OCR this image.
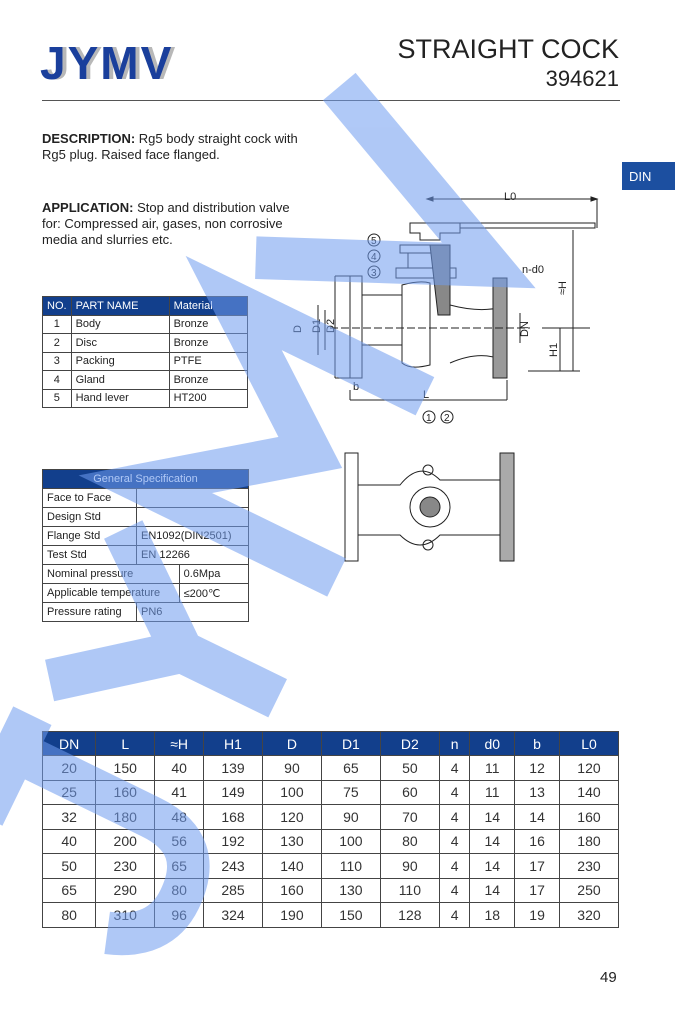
JYMV	STRAIGHT COCK
394621
DIN
DESCRIPTION: Rg5 body straight cock with Rg5 plug. Raised face flanged.
APPLICATION: Stop and distribution valve for: Compressed air, gases, non corrosive media and slurries etc.
NO.	PART NAME	Material
1	Body	Bronze
2	Disc	Bronze
3	Packing	PTFE
4	Gland	Bronze
5	Hand lever	HT200
General Specification		
Face to Face		
Design Std		
Flange Std	EN1092(DIN2501)	
Test Std	EN 12266	
Nominal pressure		0.6Mpa
Applicable temperature		≤200℃
Pressure rating	PN6	
L0
n-d0
≈H
D D1 D2	DN
H1
b
L
5
4
3
1 2
DN	L	≈H	H1	D	D1	D2	n	d0	b	L0
20	150	40	139	90	65	50	4	11	12	120
25	160	41	149	100	75	60	4	11	13	140
32	180	48	168	120	90	70	4	14	14	160
40	200	56	192	130	100	80	4	14	16	180
50	230	65	243	140	110	90	4	14	17	230
65	290	80	285	160	130	110	4	14	17	250
80	310	96	324	190	150	128	4	18	19	320
49
